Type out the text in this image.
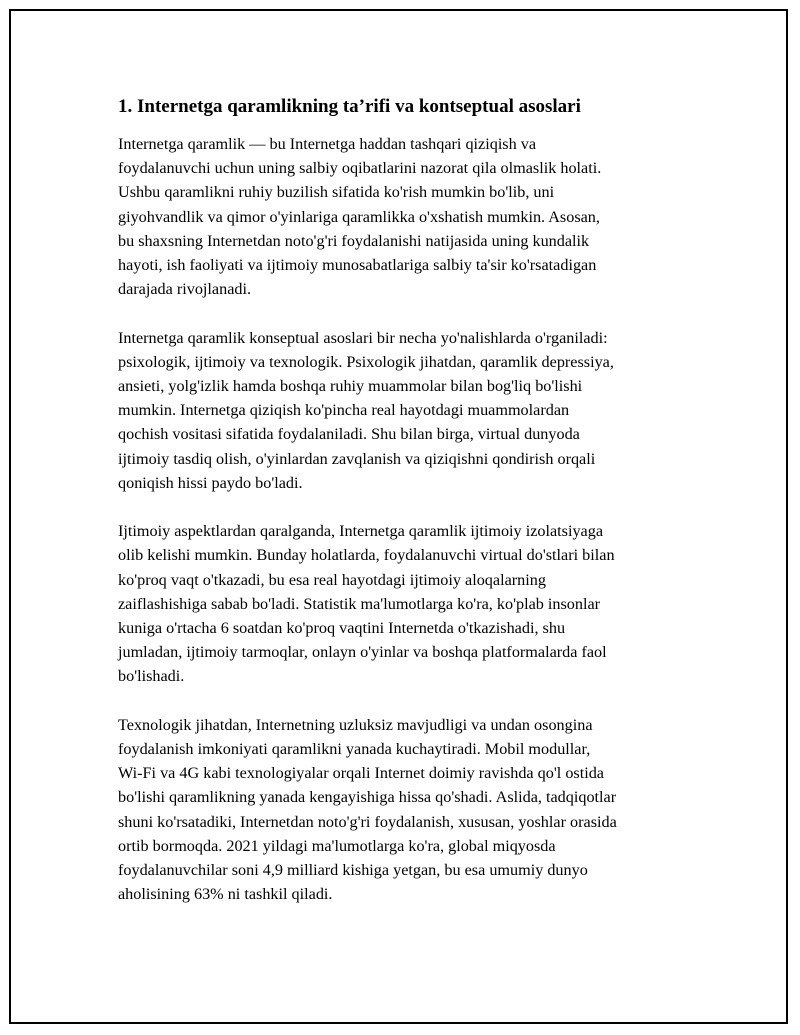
1. Internetga qaramlikning ta’rifi va kontseptual asoslari
Internetga qaramlik — bu Internetga haddan tashqari qiziqish va
foydalanuvchi uchun uning salbiy oqibatlarini nazorat qila olmaslik holati.
Ushbu qaramlikni ruhiy buzilish sifatida ko'rish mumkin bo'lib, uni
giyohvandlik va qimor o'yinlariga qaramlikka o'xshatish mumkin. Asosan,
bu shaxsning Internetdan noto'g'ri foydalanishi natijasida uning kundalik
hayoti, ish faoliyati va ijtimoiy munosabatlariga salbiy ta'sir ko'rsatadigan
darajada rivojlanadi.
Internetga qaramlik konseptual asoslari bir necha yo'nalishlarda o'rganiladi:
psixologik, ijtimoiy va texnologik. Psixologik jihatdan, qaramlik depressiya,
ansieti, yolg'izlik hamda boshqa ruhiy muammolar bilan bog'liq bo'lishi
mumkin. Internetga qiziqish ko'pincha real hayotdagi muammolardan
qochish vositasi sifatida foydalaniladi. Shu bilan birga, virtual dunyoda
ijtimoiy tasdiq olish, o'yinlardan zavqlanish va qiziqishni qondirish orqali
qoniqish hissi paydo bo'ladi.
Ijtimoiy aspektlardan qaralganda, Internetga qaramlik ijtimoiy izolatsiyaga
olib kelishi mumkin. Bunday holatlarda, foydalanuvchi virtual do'stlari bilan
ko'proq vaqt o'tkazadi, bu esa real hayotdagi ijtimoiy aloqalarning
zaiflashishiga sabab bo'ladi. Statistik ma'lumotlarga ko'ra, ko'plab insonlar
kuniga o'rtacha 6 soatdan ko'proq vaqtini Internetda o'tkazishadi, shu
jumladan, ijtimoiy tarmoqlar, onlayn o'yinlar va boshqa platformalarda faol
bo'lishadi.
Texnologik jihatdan, Internetning uzluksiz mavjudligi va undan osongina
foydalanish imkoniyati qaramlikni yanada kuchaytiradi. Mobil modullar,
Wi-Fi va 4G kabi texnologiyalar orqali Internet doimiy ravishda qo'l ostida
bo'lishi qaramlikning yanada kengayishiga hissa qo'shadi. Aslida, tadqiqotlar
shuni ko'rsatadiki, Internetdan noto'g'ri foydalanish, xususan, yoshlar orasida
ortib bormoqda. 2021 yildagi ma'lumotlarga ko'ra, global miqyosda
foydalanuvchilar soni 4,9 milliard kishiga yetgan, bu esa umumiy dunyo
aholisining 63% ni tashkil qiladi.
